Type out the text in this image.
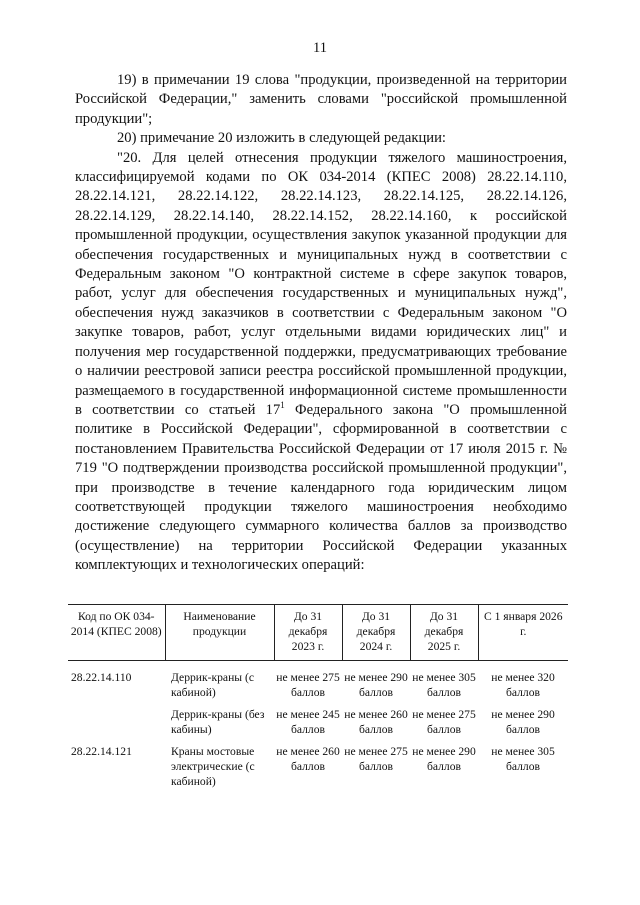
11

19) в примечании 19 слова "продукции, произведенной на территории Российской Федерации," заменить словами "российской промышленной продукции";

20) примечание 20 изложить в следующей редакции:

"20. Для целей отнесения продукции тяжелого машиностроения, классифицируемой кодами по ОК 034-2014 (КПЕС 2008) 28.22.14.110, 28.22.14.121, 28.22.14.122, 28.22.14.123, 28.22.14.125, 28.22.14.126, 28.22.14.129, 28.22.14.140, 28.22.14.152, 28.22.14.160, к российской промышленной продукции, осуществления закупок указанной продукции для обеспечения государственных и муниципальных нужд в соответствии с Федеральным законом "О контрактной системе в сфере закупок товаров, работ, услуг для обеспечения государственных и муниципальных нужд", обеспечения нужд заказчиков в соответствии с Федеральным законом "О закупке товаров, работ, услуг отдельными видами юридических лиц" и получения мер государственной поддержки, предусматривающих требование о наличии реестровой записи реестра российской промышленной продукции, размещаемого в государственной информационной системе промышленности в соответствии со статьей $17^1$ Федерального закона "О промышленной политике в Российской Федерации", сформированной в соответствии с постановлением Правительства Российской Федерации от 17 июля 2015 г. № 719 "О подтверждении производства российской промышленной продукции", при производстве в течение календарного года юридическим лицом соответствующей продукции тяжелого машиностроения необходимо достижение следующего суммарного количества баллов за производство (осуществление) на территории Российской Федерации указанных комплектующих и технологических операций:

Код по ОК 034-2014 (КПЕС 2008)	Наименование продукции	До 31 декабря 2023 г.	До 31 декабря 2024 г.	До 31 декабря 2025 г.	С 1 января 2026 г.
28.22.14.110	Деррик-краны (с кабиной)	не менее 275 баллов	не менее 290 баллов	не менее 305 баллов	не менее 320 баллов
	Деррик-краны (без кабины)	не менее 245 баллов	не менее 260 баллов	не менее 275 баллов	не менее 290 баллов
28.22.14.121	Краны мостовые электрические (с кабиной)	не менее 260 баллов	не менее 275 баллов	не менее 290 баллов	не менее 305 баллов
